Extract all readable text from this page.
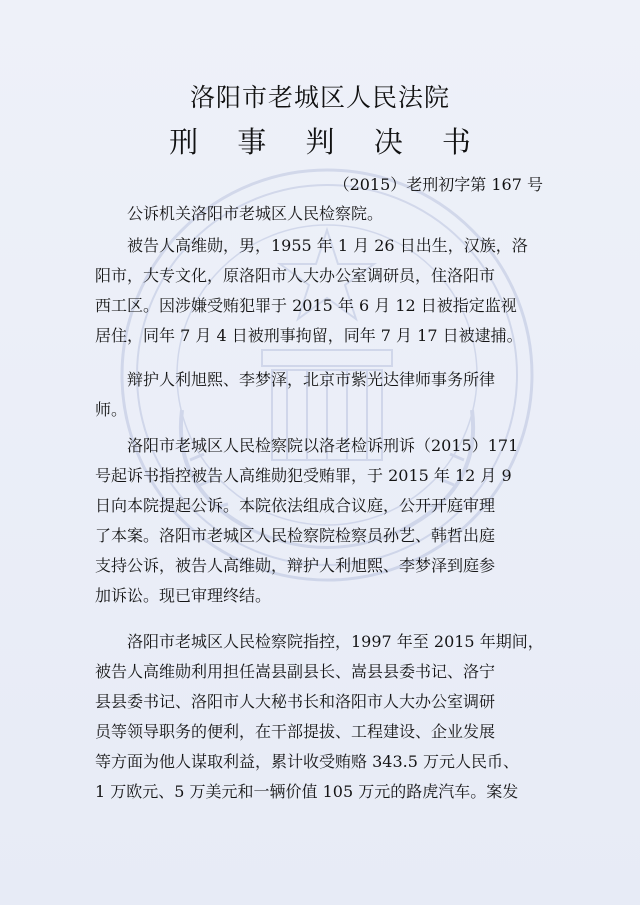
洛阳市老城区人民法院
刑 事 判 决 书
（2015）老刑初字第 167 号

公诉机关洛阳市老城区人民检察院。

被告人高维勋，男，1955 年 1 月 26 日出生，汉族，洛
阳市，大专文化，原洛阳市人大办公室调研员，住洛阳市
西工区。因涉嫌受贿犯罪于 2015 年 6 月 12 日被指定监视
居住，同年 7 月 4 日被刑事拘留，同年 7 月 17 日被逮捕。

辩护人利旭熙、李梦泽，北京市紫光达律师事务所律
师。

洛阳市老城区人民检察院以洛老检诉刑诉（2015）171
号起诉书指控被告人高维勋犯受贿罪，于 2015 年 12 月 9
日向本院提起公诉。本院依法组成合议庭，公开开庭审理
了本案。洛阳市老城区人民检察院检察员孙艺、韩哲出庭
支持公诉，被告人高维勋，辩护人利旭熙、李梦泽到庭参
加诉讼。现已审理终结。

洛阳市老城区人民检察院指控，1997 年至 2015 年期间，
被告人高维勋利用担任嵩县副县长、嵩县县委书记、洛宁
县县委书记、洛阳市人大秘书长和洛阳市人大办公室调研
员等领导职务的便利，在干部提拔、工程建设、企业发展
等方面为他人谋取利益，累计收受贿赂 343.5 万元人民币、
1 万欧元、5 万美元和一辆价值 105 万元的路虎汽车。案发
